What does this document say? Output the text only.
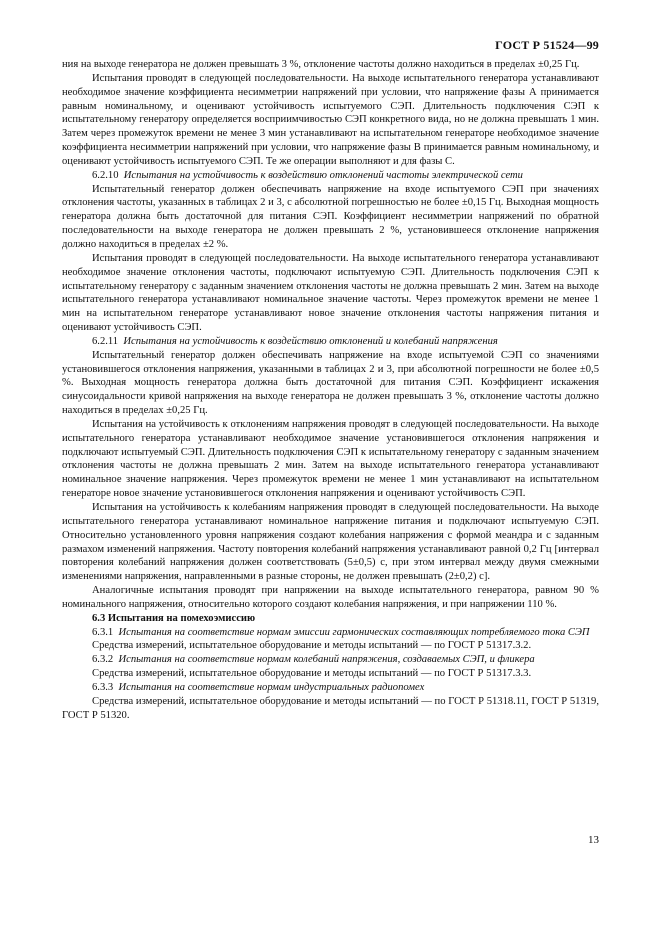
ГОСТ Р 51524—99

ния на выходе генератора не должен превышать 3 %, отклонение частоты должно находиться в пределах ±0,25 Гц.

Испытания проводят в следующей последовательности. На выходе испытательного генератора устанавливают необходимое значение коэффициента несимметрии напряжений при условии, что напряжение фазы А принимается равным номинальному, и оценивают устойчивость испытуемого СЭП. Длительность подключения СЭП к испытательному генератору определяется восприимчивостью СЭП конкретного вида, но не должна превышать 1 мин. Затем через промежуток времени не менее 3 мин устанавливают на испытательном генераторе необходимое значение коэффициента несимметрии напряжений при условии, что напряжение фазы В принимается равным номинальному, и оценивают устойчивость испытуемого СЭП. Те же операции выполняют и для фазы С.

6.2.10 Испытания на устойчивость к воздействию отклонений частоты электрической сети

Испытательный генератор должен обеспечивать напряжение на входе испытуемого СЭП при значениях отклонения частоты, указанных в таблицах 2 и 3, с абсолютной погрешностью не более ±0,15 Гц. Выходная мощность генератора должна быть достаточной для питания СЭП. Коэффициент несимметрии напряжений по обратной последовательности на выходе генератора не должен превышать 2 %, установившееся отклонение напряжения должно находиться в пределах ±2 %.

Испытания проводят в следующей последовательности. На выходе испытательного генератора устанавливают необходимое значение отклонения частоты, подключают испытуемую СЭП. Длительность подключения СЭП к испытательному генератору с заданным значением отклонения частоты не должна превышать 2 мин. Затем на выходе испытательного генератора устанавливают номинальное значение частоты. Через промежуток времени не менее 1 мин на испытательном генераторе устанавливают новое значение отклонения частоты напряжения питания и оценивают устойчивость СЭП.

6.2.11 Испытания на устойчивость к воздействию отклонений и колебаний напряжения

Испытательный генератор должен обеспечивать напряжение на входе испытуемой СЭП со значениями установившегося отклонения напряжения, указанными в таблицах 2 и 3, при абсолютной погрешности не более ±0,5 %. Выходная мощность генератора должна быть достаточной для питания СЭП. Коэффициент искажения синусоидальности кривой напряжения на выходе генератора не должен превышать 3 %, отклонение частоты должно находиться в пределах ±0,25 Гц.

Испытания на устойчивость к отклонениям напряжения проводят в следующей последовательности. На выходе испытательного генератора устанавливают необходимое значение установившегося отклонения напряжения и подключают испытуемый СЭП. Длительность подключения СЭП к испытательному генератору с заданным значением отклонения частоты не должна превышать 2 мин. Затем на выходе испытательного генератора устанавливают номинальное значение напряжения. Через промежуток времени не менее 1 мин устанавливают на испытательном генераторе новое значение установившегося отклонения напряжения и оценивают устойчивость СЭП.

Испытания на устойчивость к колебаниям напряжения проводят в следующей последовательности. На выходе испытательного генератора устанавливают номинальное напряжение питания и подключают испытуемую СЭП. Относительно установленного уровня напряжения создают колебания напряжения с формой меандра и с заданным размахом изменений напряжения. Частоту повторения колебаний напряжения устанавливают равной 0,2 Гц [интервал повторения колебаний напряжения должен соответствовать (5±0,5) с, при этом интервал между двумя смежными изменениями напряжения, направленными в разные стороны, не должен превышать (2±0,2) с].

Аналогичные испытания проводят при напряжении на выходе испытательного генератора, равном 90 % номинального напряжения, относительно которого создают колебания напряжения, и при напряжении 110 %.

6.3 Испытания на помехоэмиссию

6.3.1 Испытания на соответствие нормам эмиссии гармонических составляющих потребляемого тока СЭП

Средства измерений, испытательное оборудование и методы испытаний — по ГОСТ Р 51317.3.2.

6.3.2 Испытания на соответствие нормам колебаний напряжения, создаваемых СЭП, и фликера

Средства измерений, испытательное оборудование и методы испытаний — по ГОСТ Р 51317.3.3.

6.3.3 Испытания на соответствие нормам индустриальных радиопомех

Средства измерений, испытательное оборудование и методы испытаний — по ГОСТ Р 51318.11, ГОСТ Р 51319, ГОСТ Р 51320.

13
